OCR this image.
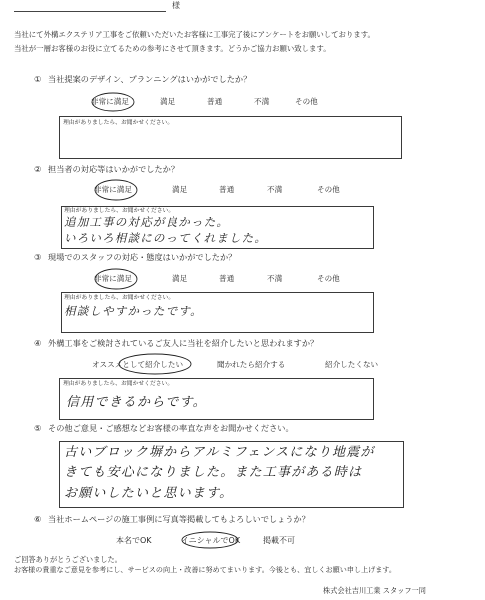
様
当社にて外構エクステリア工事をご依頼いただいたお客様に工事完了後にアンケートをお願いしております。
当社が一層お客様のお役に立てるための参考にさせて頂きます。どうかご協力お願い致します。
① 当社提案のデザイン、プランニングはいかがでしたか？
非常に満足	満足	普通	不満	その他
理由がありましたら、お聞かせください。
② 担当者の対応等はいかがでしたか？
非常に満足	満足	普通	不満	その他
理由がありましたら、お聞かせください。
追加工事の対応が良かった。
いろいろ相談にのってくれました。
③ 現場でのスタッフの対応・態度はいかがでしたか？
非常に満足	満足	普通	不満	その他
理由がありましたら、お聞かせください。
相談しやすかったです。
④ 外構工事をご検討されているご友人に当社を紹介したいと思われますか？
オススメとして紹介したい	聞かれたら紹介する	紹介したくない
理由がありましたら、お聞かせください。
信用できるからです。
⑤ その他ご意見・ご感想などお客様の率直な声をお聞かせください。
古いブロック塀からアルミフェンスになり地震が
きても安心になりました。また工事がある時は
お願いしたいと思います。
⑥ 当社ホームページの施工事例に写真等掲載してもよろしいでしょうか？
本名でOK	イニシャルでOK	掲載不可
ご回答ありがとうございました。
お客様の貴重なご意見を参考にし、サービスの向上・改善に努めてまいります。今後とも、宜しくお願い申し上げます。
株式会社吉川工業 スタッフ一同
